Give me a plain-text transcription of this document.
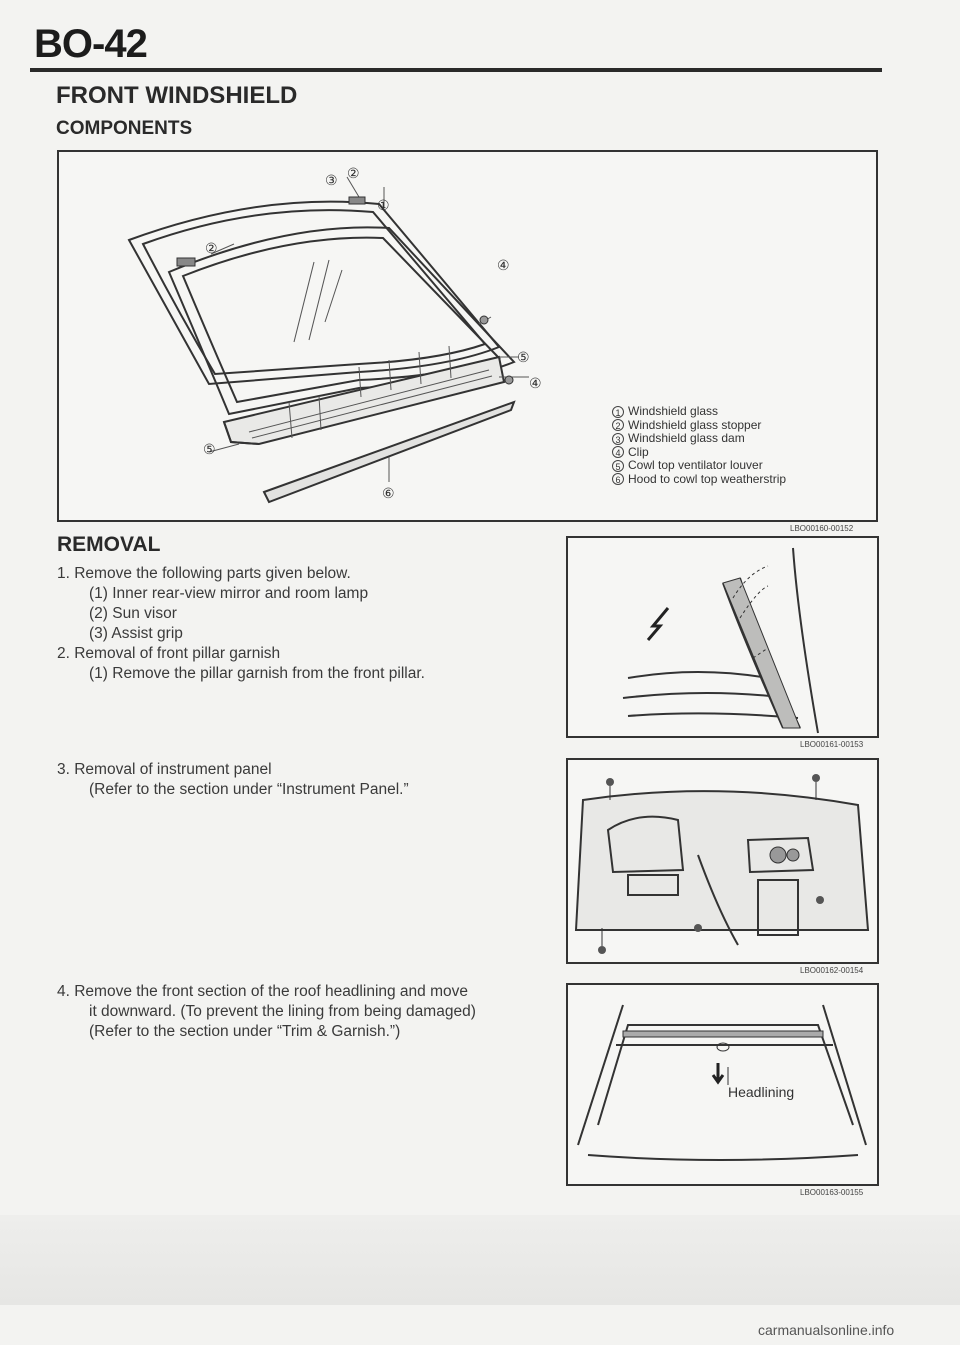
BO-42
FRONT WINDSHIELD
COMPONENTS
③ ②
①
②
④
⑤
④
⑤
⑥
1 Windshield glass
2 Windshield glass stopper
3 Windshield glass dam
4 Clip
5 Cowl top ventilator louver
6 Hood to cowl top weatherstrip
LBO00160-00152
REMOVAL
1. Remove the following parts given below.
(1) Inner rear-view mirror and room lamp
(2) Sun visor
(3) Assist grip
2. Removal of front pillar garnish
(1) Remove the pillar garnish from the front pillar.
3. Removal of instrument panel
(Refer to the section under “Instrument Panel.”
4. Remove the front section of the roof headlining and move
it downward. (To prevent the lining from being damaged)
(Refer to the section under “Trim & Garnish.”)
LBO00161-00153
LBO00162-00154
Headlining
LBO00163-00155
carmanualsonline.info
